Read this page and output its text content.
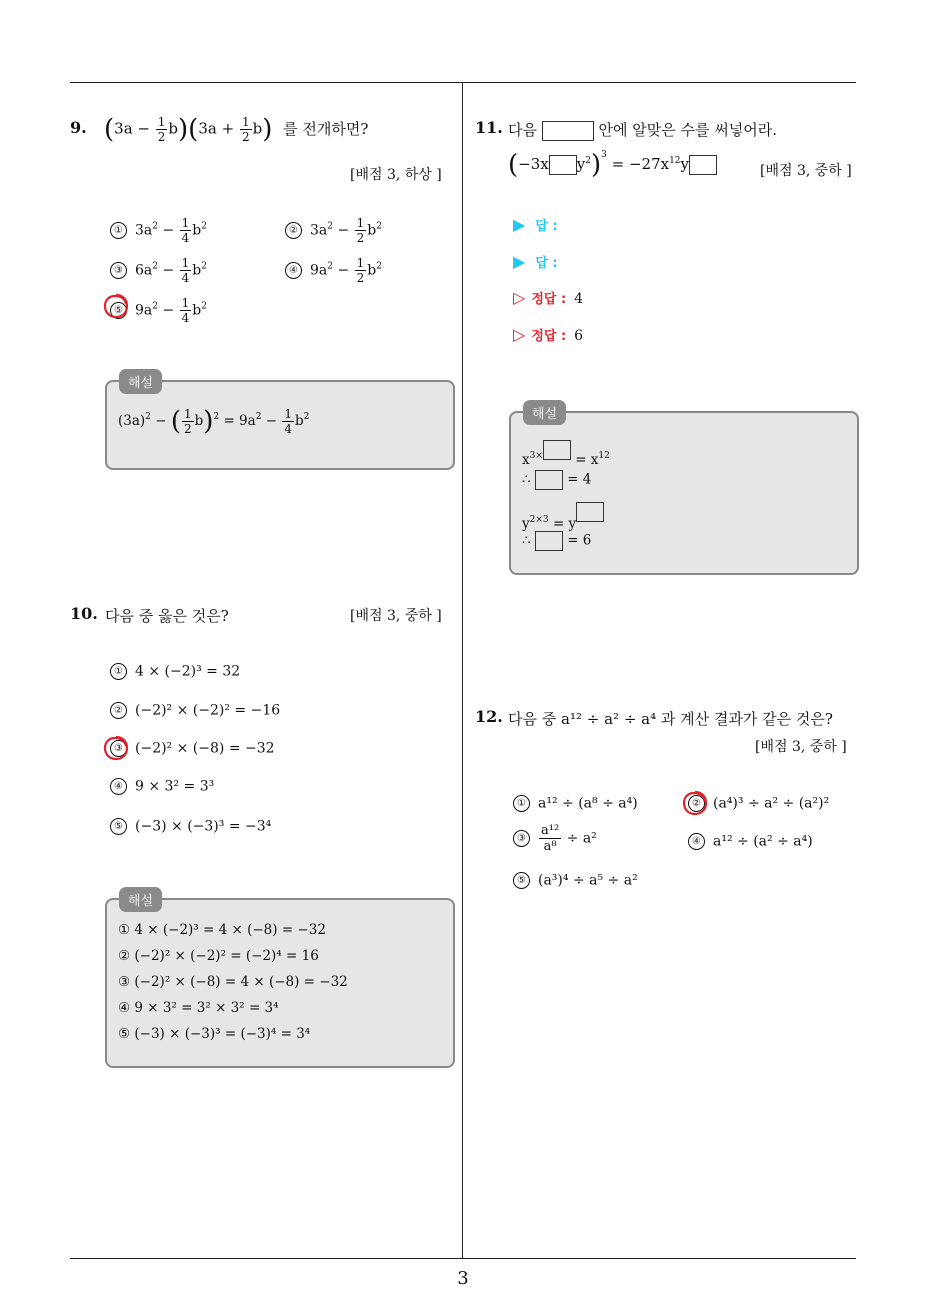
3
9. $(3a - \frac{1}{2} b)(3a + \frac{1}{2} b)$ 를 전개하면?
[배점 3, 하상 ]
① $3a^2 - \frac{1}{4} b^2$	② $3a^2 - \frac{1}{2} b^2$
③ $6a^2 - \frac{1}{4} b^2$	④ $9a^2 - \frac{1}{2} b^2$
⑤ $9a^2 - \frac{1}{4} b^2$
해설
$(3a)^2$ − ( $\frac{1}{2} b)^2 = 9a^2 - \frac{1}{4} b^2$
10. 다음 중 옳은 것은?	[배점 3, 중하 ]
① 4 × (−2)³ = 32
② (−2)² × (−2)² = −16
③ (−2)² × (−8) = −32
④ 9 × 3² = 3³
⑤ (−3) × (−3)³ = −3⁴
해설
① 4 × (−2)³ = 4 × (−8) = −32
② (−2)² × (−2)² = (−2)⁴ = 16
③ (−2)² × (−8) = 4 × (−8) = −32
④ 9 × 3² = 3² × 3² = 3⁴
⑤ (−3) × (−3)³ = (−3)⁴ = 3⁴
11. 다음	안에 알맞은 수를 써넣어라.
(−3x $y^2)^3 = -27x^{12}y$	[배점 3, 중하 ]
▶ 답 :
▶ 답 :
▷ 정답 : 4
▷ 정답 : 6
해설
$x^{3\times} = x^{12}$
∴	= 4
$y^{2\times 3} = y$
∴	= 6
12. 다음 중 a¹² ÷ a² ÷ a⁴ 과 계산 결과가 같은 것은?
[배점 3, 중하 ]
① a¹² ÷ (a⁸ ÷ a⁴)	② (a⁴)³ ÷ a² ÷ (a²)²
③ $\frac{\text{a¹²}}{\text{a⁸}} \div a^2$	④ a¹² ÷ (a² ÷ a⁴)
⑤ (a³)⁴ ÷ a⁵ ÷ a²
